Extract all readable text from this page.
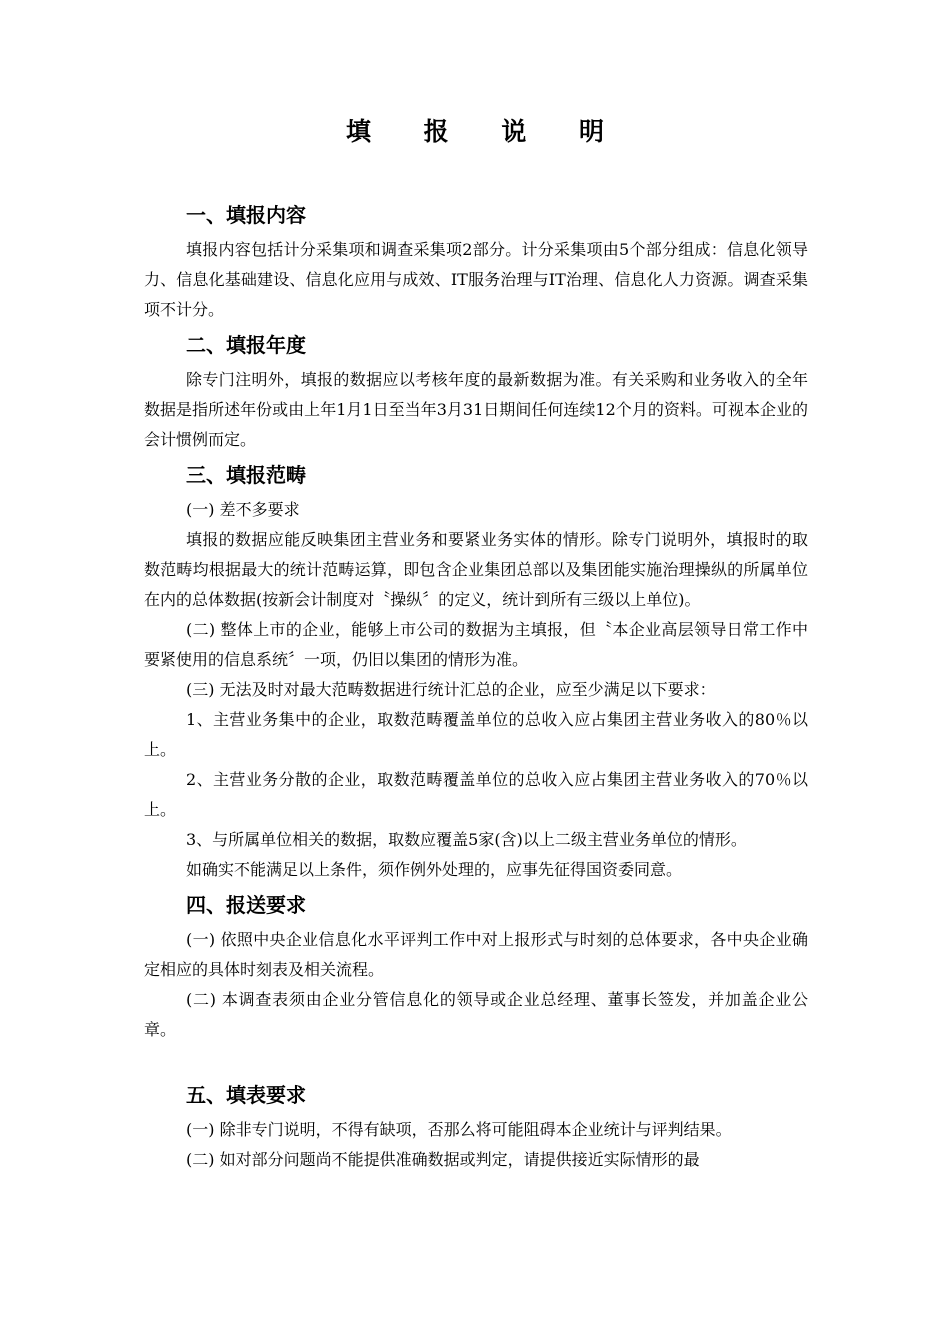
填 报 说 明
一、填报内容

填报内容包括计分采集项和调查采集项2部分。计分采集项由5个部分组成：信息化领导力、信息化基础建设、信息化应用与成效、IT服务治理与IT治理、信息化人力资源。调查采集项不计分。

二、填报年度

除专门注明外，填报的数据应以考核年度的最新数据为准。有关采购和业务收入的全年数据是指所述年份或由上年1月1日至当年3月31日期间任何连续12个月的资料。可视本企业的会计惯例而定。

三、填报范畴

(一) 差不多要求

填报的数据应能反映集团主营业务和要紧业务实体的情形。除专门说明外，填报时的取数范畴均根据最大的统计范畴运算，即包含企业集团总部以及集团能实施治理操纵的所属单位在内的总体数据(按新会计制度对〝操纵〞的定义，统计到所有三级以上单位)。

(二) 整体上市的企业，能够上市公司的数据为主填报，但〝本企业高层领导日常工作中要紧使用的信息系统〞一项，仍旧以集团的情形为准。

(三) 无法及时对最大范畴数据进行统计汇总的企业，应至少满足以下要求：

1、主营业务集中的企业，取数范畴覆盖单位的总收入应占集团主营业务收入的80％以上。

2、主营业务分散的企业，取数范畴覆盖单位的总收入应占集团主营业务收入的70％以上。

3、与所属单位相关的数据，取数应覆盖5家(含)以上二级主营业务单位的情形。

如确实不能满足以上条件，须作例外处理的，应事先征得国资委同意。

四、报送要求

(一) 依照中央企业信息化水平评判工作中对上报形式与时刻的总体要求，各中央企业确定相应的具体时刻表及相关流程。

(二) 本调查表须由企业分管信息化的领导或企业总经理、董事长签发，并加盖企业公章。

五、填表要求

(一) 除非专门说明，不得有缺项，否那么将可能阻碍本企业统计与评判结果。

(二) 如对部分问题尚不能提供准确数据或判定，请提供接近实际情形的最
